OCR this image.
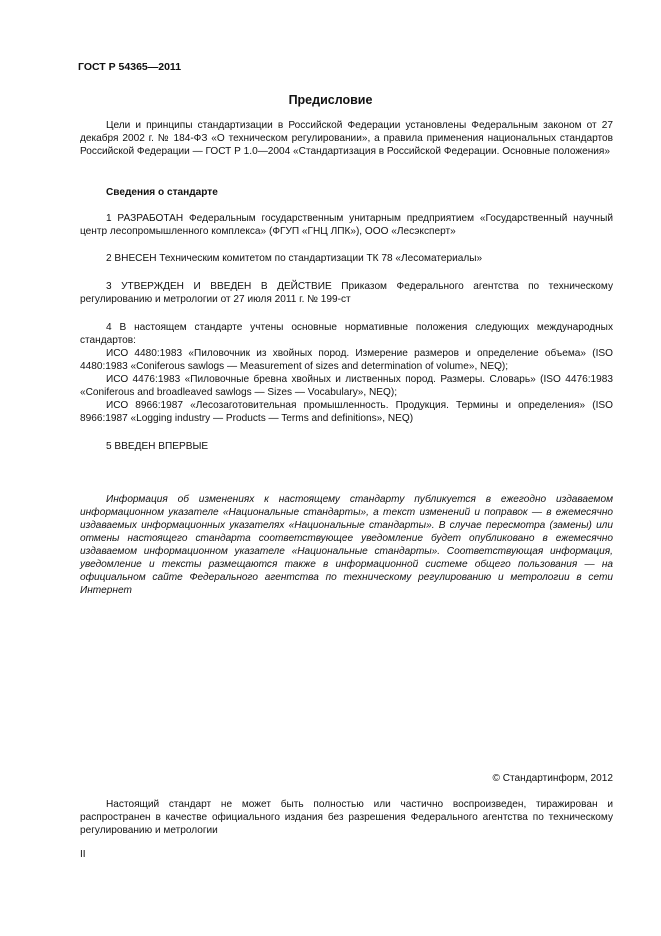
ГОСТ Р 54365—2011
Предисловие

Цели и принципы стандартизации в Российской Федерации установлены Федеральным законом от 27 декабря 2002 г. № 184-ФЗ «О техническом регулировании», а правила применения национальных стандартов Российской Федерации — ГОСТ Р 1.0—2004 «Стандартизация в Российской Федерации. Основные положения»

Сведения о стандарте

1 РАЗРАБОТАН Федеральным государственным унитарным предприятием «Государственный научный центр лесопромышленного комплекса» (ФГУП «ГНЦ ЛПК»), ООО «Лесэксперт»

2 ВНЕСЕН Техническим комитетом по стандартизации ТК 78 «Лесоматериалы»

3 УТВЕРЖДЕН И ВВЕДЕН В ДЕЙСТВИЕ Приказом Федерального агентства по техническому регулированию и метрологии от 27 июля 2011 г. № 199-ст

4 В настоящем стандарте учтены основные нормативные положения следующих международных стандартов:

ИСО 4480:1983 «Пиловочник из хвойных пород. Измерение размеров и определение объема» (ISO 4480:1983 «Coniferous sawlogs — Measurement of sizes and determination of volume», NEQ);

ИСО 4476:1983 «Пиловочные бревна хвойных и лиственных пород. Размеры. Словарь» (ISO 4476:1983 «Coniferous and broadleaved sawlogs — Sizes — Vocabulary», NEQ);

ИСО 8966:1987 «Лесозаготовительная промышленность. Продукция. Термины и определения» (ISO 8966:1987 «Logging industry — Products — Terms and definitions», NEQ)

5 ВВЕДЕН ВПЕРВЫЕ

Информация об изменениях к настоящему стандарту публикуется в ежегодно издаваемом информационном указателе «Национальные стандарты», а текст изменений и поправок — в ежемесячно издаваемых информационных указателях «Национальные стандарты». В случае пересмотра (замены) или отмены настоящего стандарта соответствующее уведомление будет опубликовано в ежемесячно издаваемом информационном указателе «Национальные стандарты». Соответствующая информация, уведомление и тексты размещаются также в информационной системе общего пользования — на официальном сайте Федерального агентства по техническому регулированию и метрологии в сети Интернет

© Стандартинформ, 2012

Настоящий стандарт не может быть полностью или частично воспроизведен, тиражирован и распространен в качестве официального издания без разрешения Федерального агентства по техническому регулированию и метрологии

II
